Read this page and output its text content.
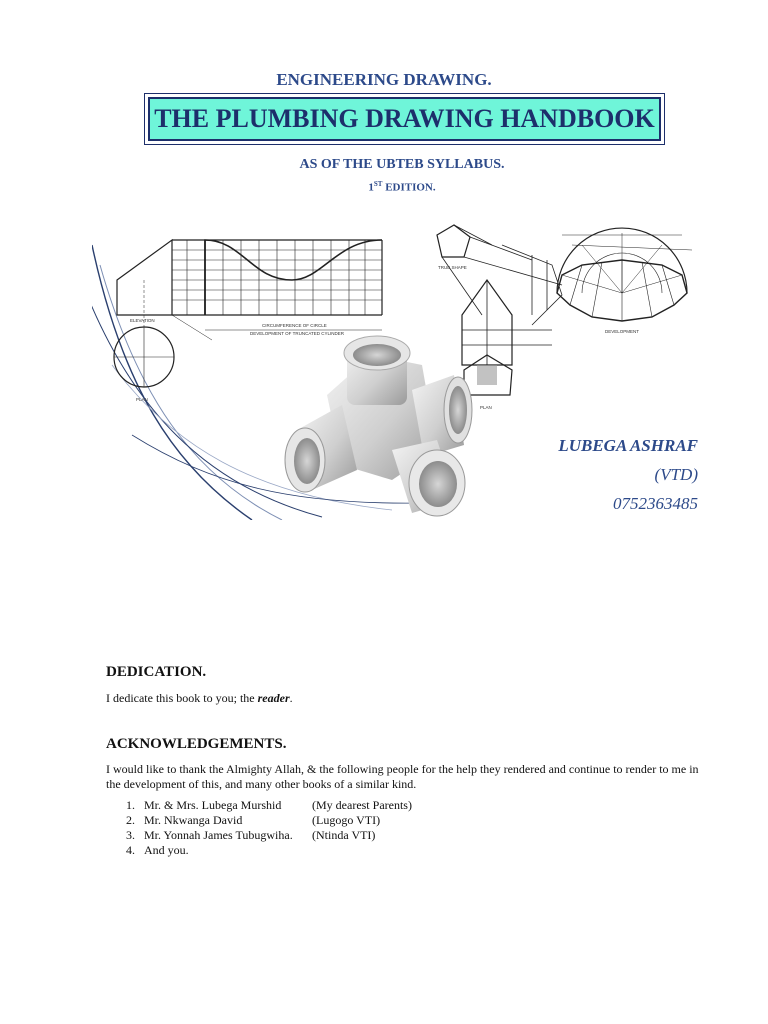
ENGINEERING DRAWING.
THE PLUMBING DRAWING HANDBOOK
AS OF THE UBTEB SYLLABUS.
1ST EDITION.
ELEVATION
PLAN
CIRCUMFERENCE OF CIRCLE
DEVELOPMENT OF TRUNCATED CYLINDER
TRUE SHAPE
PLAN
DEVELOPMENT
LUBEGA ASHRAF
(VTD)
0752363485
DEDICATION.
I dedicate this book to you; the reader.
ACKNOWLEDGEMENTS.
I would like to thank the Almighty Allah, & the following people for the help they rendered and continue to render to me in the development of this, and many other books of a similar kind.
1. Mr. & Mrs. Lubega Murshid	(My dearest Parents)
2. Mr. Nkwanga David	(Lugogo VTI)
3. Mr. Yonnah James Tubugwiha.	(Ntinda VTI)
4. And you.
